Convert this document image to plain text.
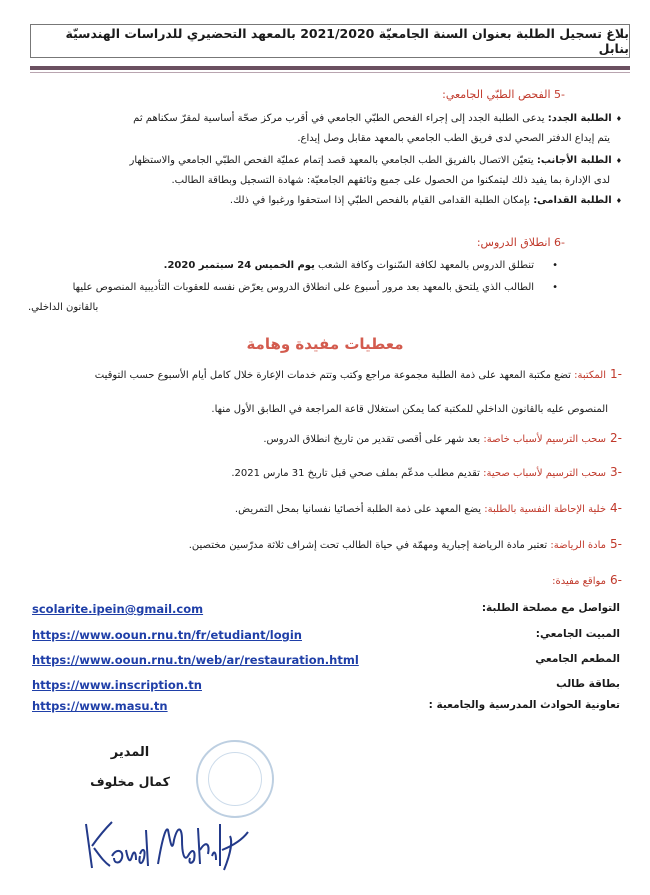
بلاغ تسجيل الطلبة بعنوان السنة الجامعيّة 2021/2020 بالمعهد التحضيري للدراسات الهندسيّة بنابل
-5 الفحص الطبّي الجامعي:
♦ الطلبة الجدد: يدعى الطلبة الجدد إلى إجراء الفحص الطبّي الجامعي في أقرب مركز صحّة أساسية لمقرّ سكناهم ثم
يتم إيداع الدفتر الصحي لدى فريق الطب الجامعي بالمعهد مقابل وصل إيداع.
♦ الطلبة الأجانب: يتعيّن الاتصال بالفريق الطب الجامعي بالمعهد قصد إتمام عمليّة الفحص الطبّي الجامعي والاستظهار
لدى الإدارة بما يفيد ذلك ليتمكنوا من الحصول على جميع وثائقهم الجامعيّة: شهادة التسجيل وبطاقة الطالب.
♦ الطلبة القدامى: بإمكان الطلبة القدامى القيام بالفحص الطبّي إذا استحقوا ورغبوا في ذلك.
-6 انطلاق الدروس:
• تنطلق الدروس بالمعهد لكافة السّنوات وكافة الشعب يوم الخميس 24 سبتمبر 2020.
• الطالب الذي يلتحق بالمعهد بعد مرور أسبوع على انطلاق الدروس يعرّض نفسه للعقوبات التأديبية المنصوص عليها
بالقانون الداخلي.
معطيات مفيدة وهامة
-1المكتبة: تضع مكتبة المعهد على ذمة الطلبة مجموعة مراجع وكتب وتتم خدمات الإعارة خلال كامل أيام الأسبوع حسب التوقيت
المنصوص عليه بالقانون الداخلي للمكتبة كما يمكن استغلال قاعة المراجعة في الطابق الأول منها.
-2سحب الترسيم لأسباب خاصة: بعد شهر على أقصى تقدير من تاريخ انطلاق الدروس.
-3سحب الترسيم لأسباب صحية: تقديم مطلب مدعّم بملف صحي قبل تاريخ 31 مارس 2021.
-4خلية الإحاطة النفسية بالطلبة: يضع المعهد على ذمة الطلبة أخصائيا نفسانيا بمحل التمريض.
-5مادة الرياضة: تعتبر مادة الرياضة إجبارية ومهمّة في حياة الطالب تحت إشراف ثلاثة مدرّسين مختصين.
-6مواقع مفيدة:
التواصل مع مصلحة الطلبة:
scolarite.ipein@gmail.com
المبيت الجامعي:
https://www.ooun.rnu.tn/fr/etudiant/login
المطعم الجامعي
https://www.ooun.rnu.tn/web/ar/restauration.html
بطاقة طالب
https://www.inscription.tn
تعاونية الحوادث المدرسية والجامعية :
https://www.masu.tn
المدير
كمال مخلوف
